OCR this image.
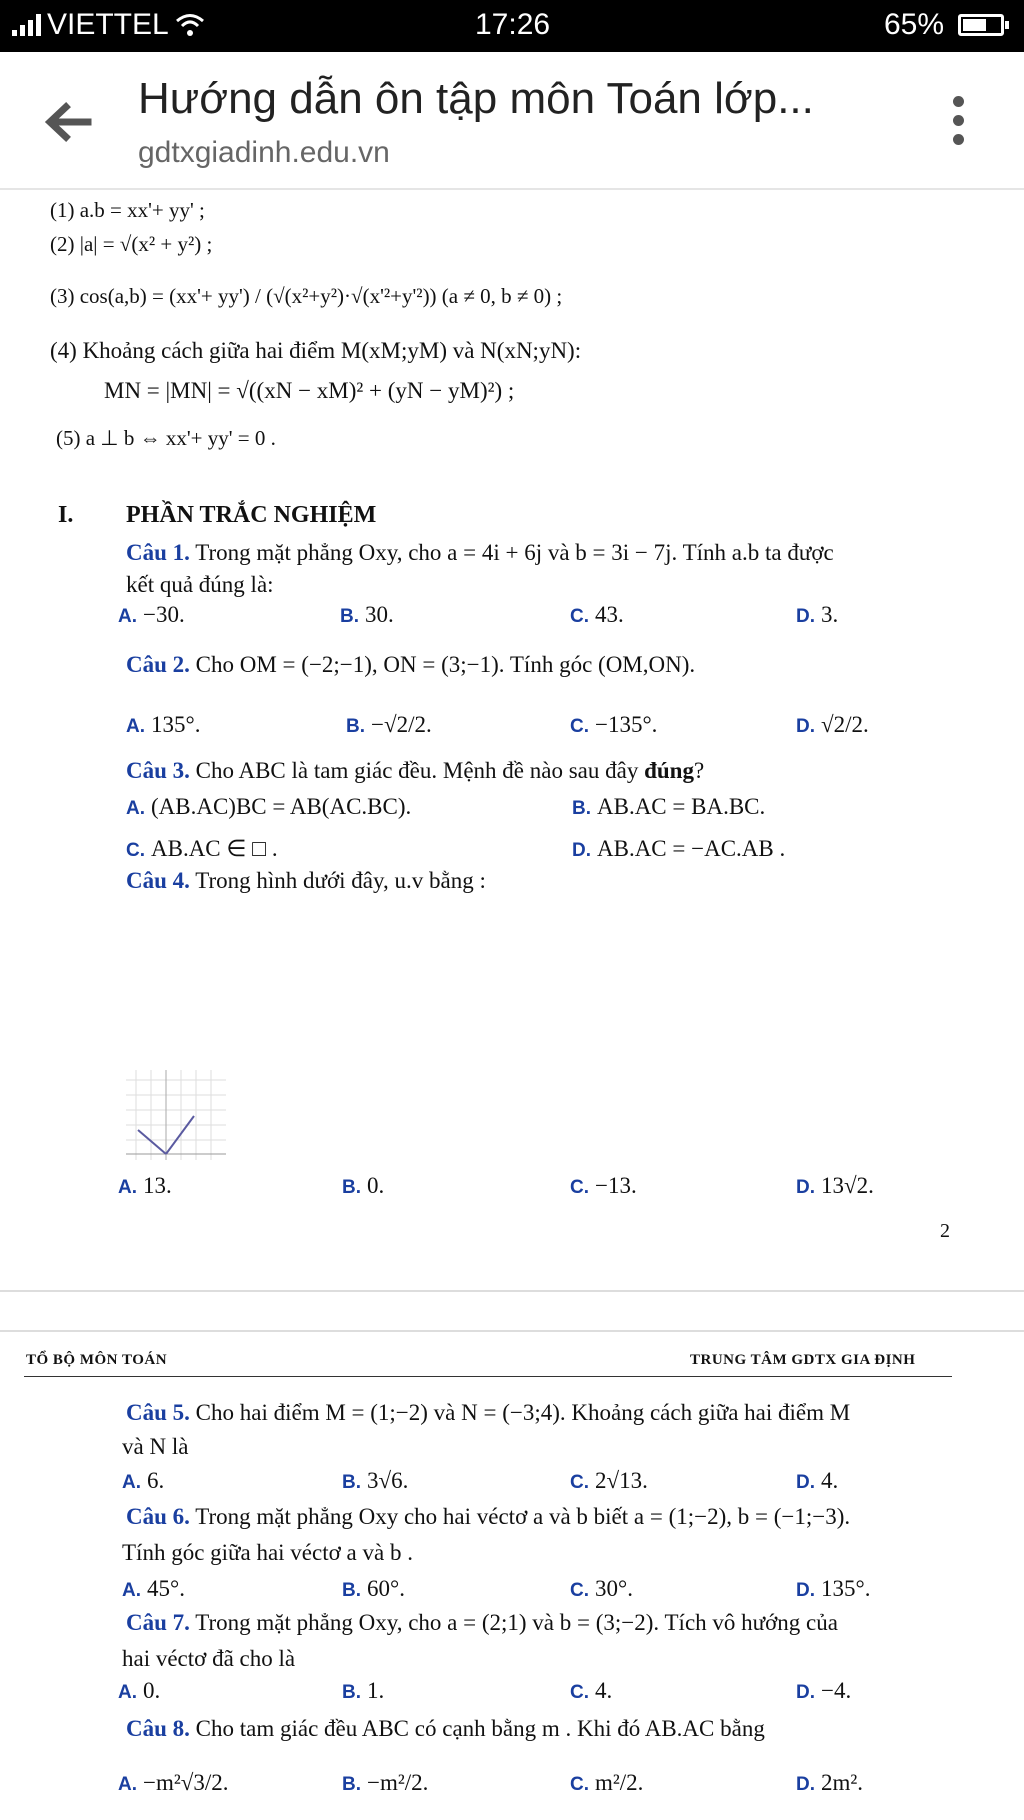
VIETTEL	17:26	65%
Hướng dẫn ôn tập môn Toán lớp...
gdtxgiadinh.edu.vn
(1) a.b = xx'+ yy' ;
(2) |a| = √(x² + y²) ;
(3) cos(a,b) = (xx'+ yy') / (√(x²+y²)·√(x'²+y'²)) (a ≠ 0, b ≠ 0) ;
(4) Khoảng cách giữa hai điểm M(xM;yM) và N(xN;yN):
MN = |MN| = √((xN − xM)² + (yN − yM)²) ;
(5) a ⊥ b ⇔ xx'+ yy' = 0 .
I. PHẦN TRẮC NGHIỆM
Câu 1. Trong mặt phẳng Oxy, cho a = 4i + 6j và b = 3i − 7j. Tính a.b ta được
kết quả đúng là:
A. −30.	B. 30.	C. 43.	D. 3.
Câu 2. Cho OM = (−2;−1), ON = (3;−1). Tính góc (OM,ON).
A. 135°.	B. −√2/2.	C. −135°.	D. √2/2.
Câu 3. Cho ABC là tam giác đều. Mệnh đề nào sau đây đúng?
A. (AB.AC)BC = AB(AC.BC).	B. AB.AC = BA.BC.
C. AB.AC ∈ □ .	D. AB.AC = −AC.AB .
Câu 4. Trong hình dưới đây, u.v bằng :
A. 13.	B. 0.	C. −13.	D. 13√2.
2
TỔ BỘ MÔN TOÁN	TRUNG TÂM GDTX GIA ĐỊNH
Câu 5. Cho hai điểm M = (1;−2) và N = (−3;4). Khoảng cách giữa hai điểm M
và N là
A. 6.	B. 3√6.	C. 2√13.	D. 4.
Câu 6. Trong mặt phẳng Oxy cho hai véctơ a và b biết a = (1;−2), b = (−1;−3).
Tính góc giữa hai véctơ a và b .
A. 45°.	B. 60°.	C. 30°.	D. 135°.
Câu 7. Trong mặt phẳng Oxy, cho a = (2;1) và b = (3;−2). Tích vô hướng của
hai véctơ đã cho là
A. 0.	B. 1.	C. 4.	D. −4.
Câu 8. Cho tam giác đều ABC có cạnh bằng m . Khi đó AB.AC bằng
A. −m²√3/2.	B. −m²/2.	C. m²/2.	D. 2m².
